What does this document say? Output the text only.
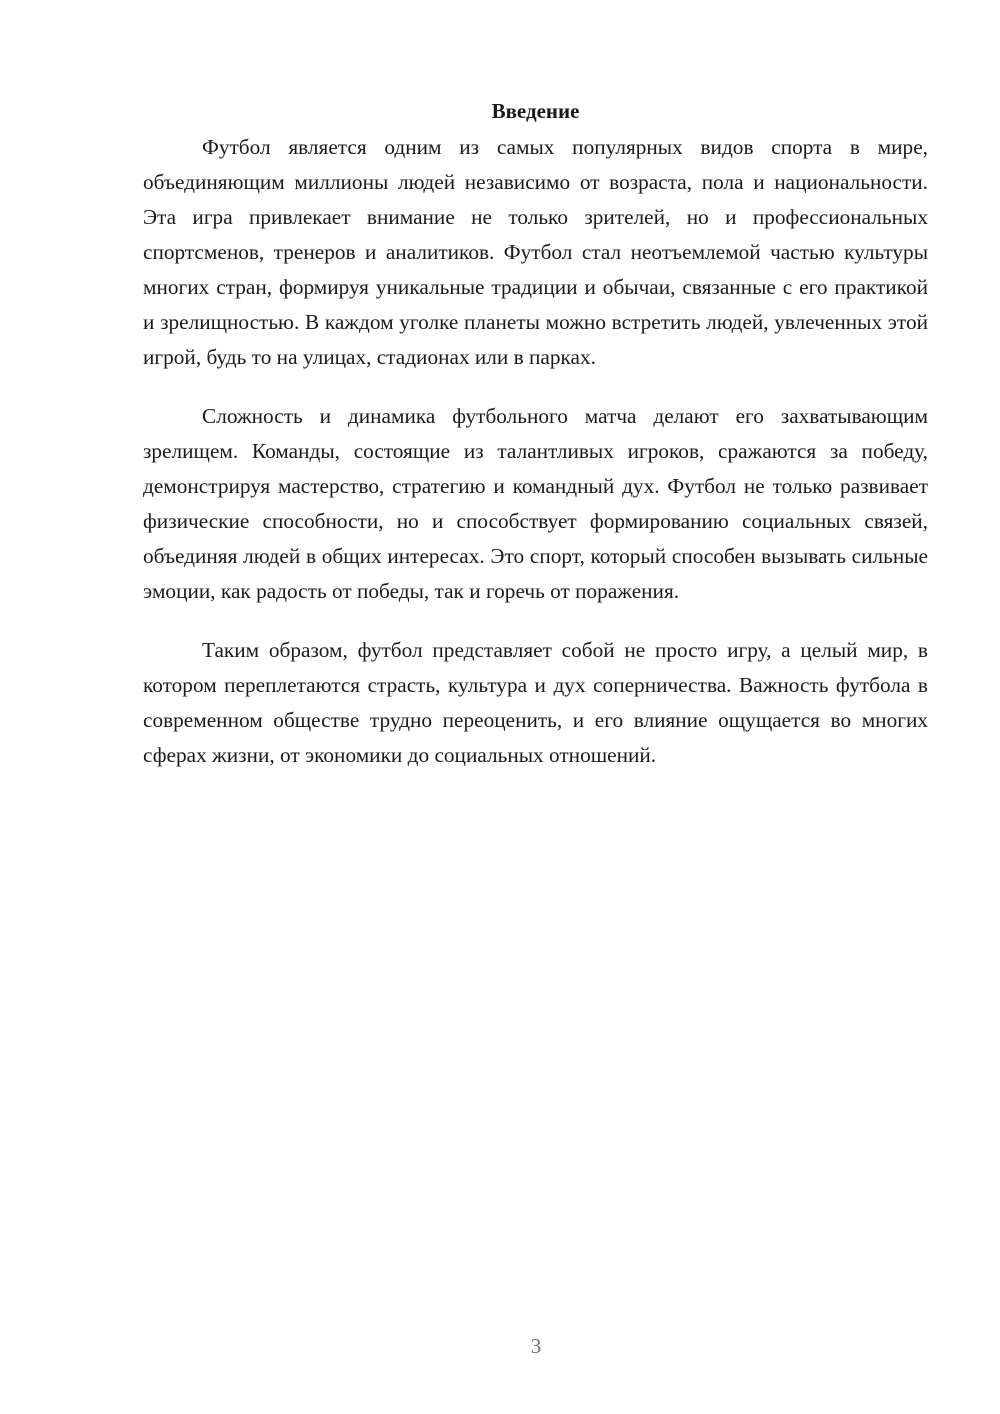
Введение

Футбол является одним из самых популярных видов спорта в мире, объединяющим миллионы людей независимо от возраста, пола и национальности. Эта игра привлекает внимание не только зрителей, но и профессиональных спортсменов, тренеров и аналитиков. Футбол стал неотъемлемой частью культуры многих стран, формируя уникальные традиции и обычаи, связанные с его практикой и зрелищностью. В каждом уголке планеты можно встретить людей, увлеченных этой игрой, будь то на улицах, стадионах или в парках.

Сложность и динамика футбольного матча делают его захватывающим зрелищем. Команды, состоящие из талантливых игроков, сражаются за победу, демонстрируя мастерство, стратегию и командный дух. Футбол не только развивает физические способности, но и способствует формированию социальных связей, объединяя людей в общих интересах. Это спорт, который способен вызывать сильные эмоции, как радость от победы, так и горечь от поражения.

Таким образом, футбол представляет собой не просто игру, а целый мир, в котором переплетаются страсть, культура и дух соперничества. Важность футбола в современном обществе трудно переоценить, и его влияние ощущается во многих сферах жизни, от экономики до социальных отношений.

3
